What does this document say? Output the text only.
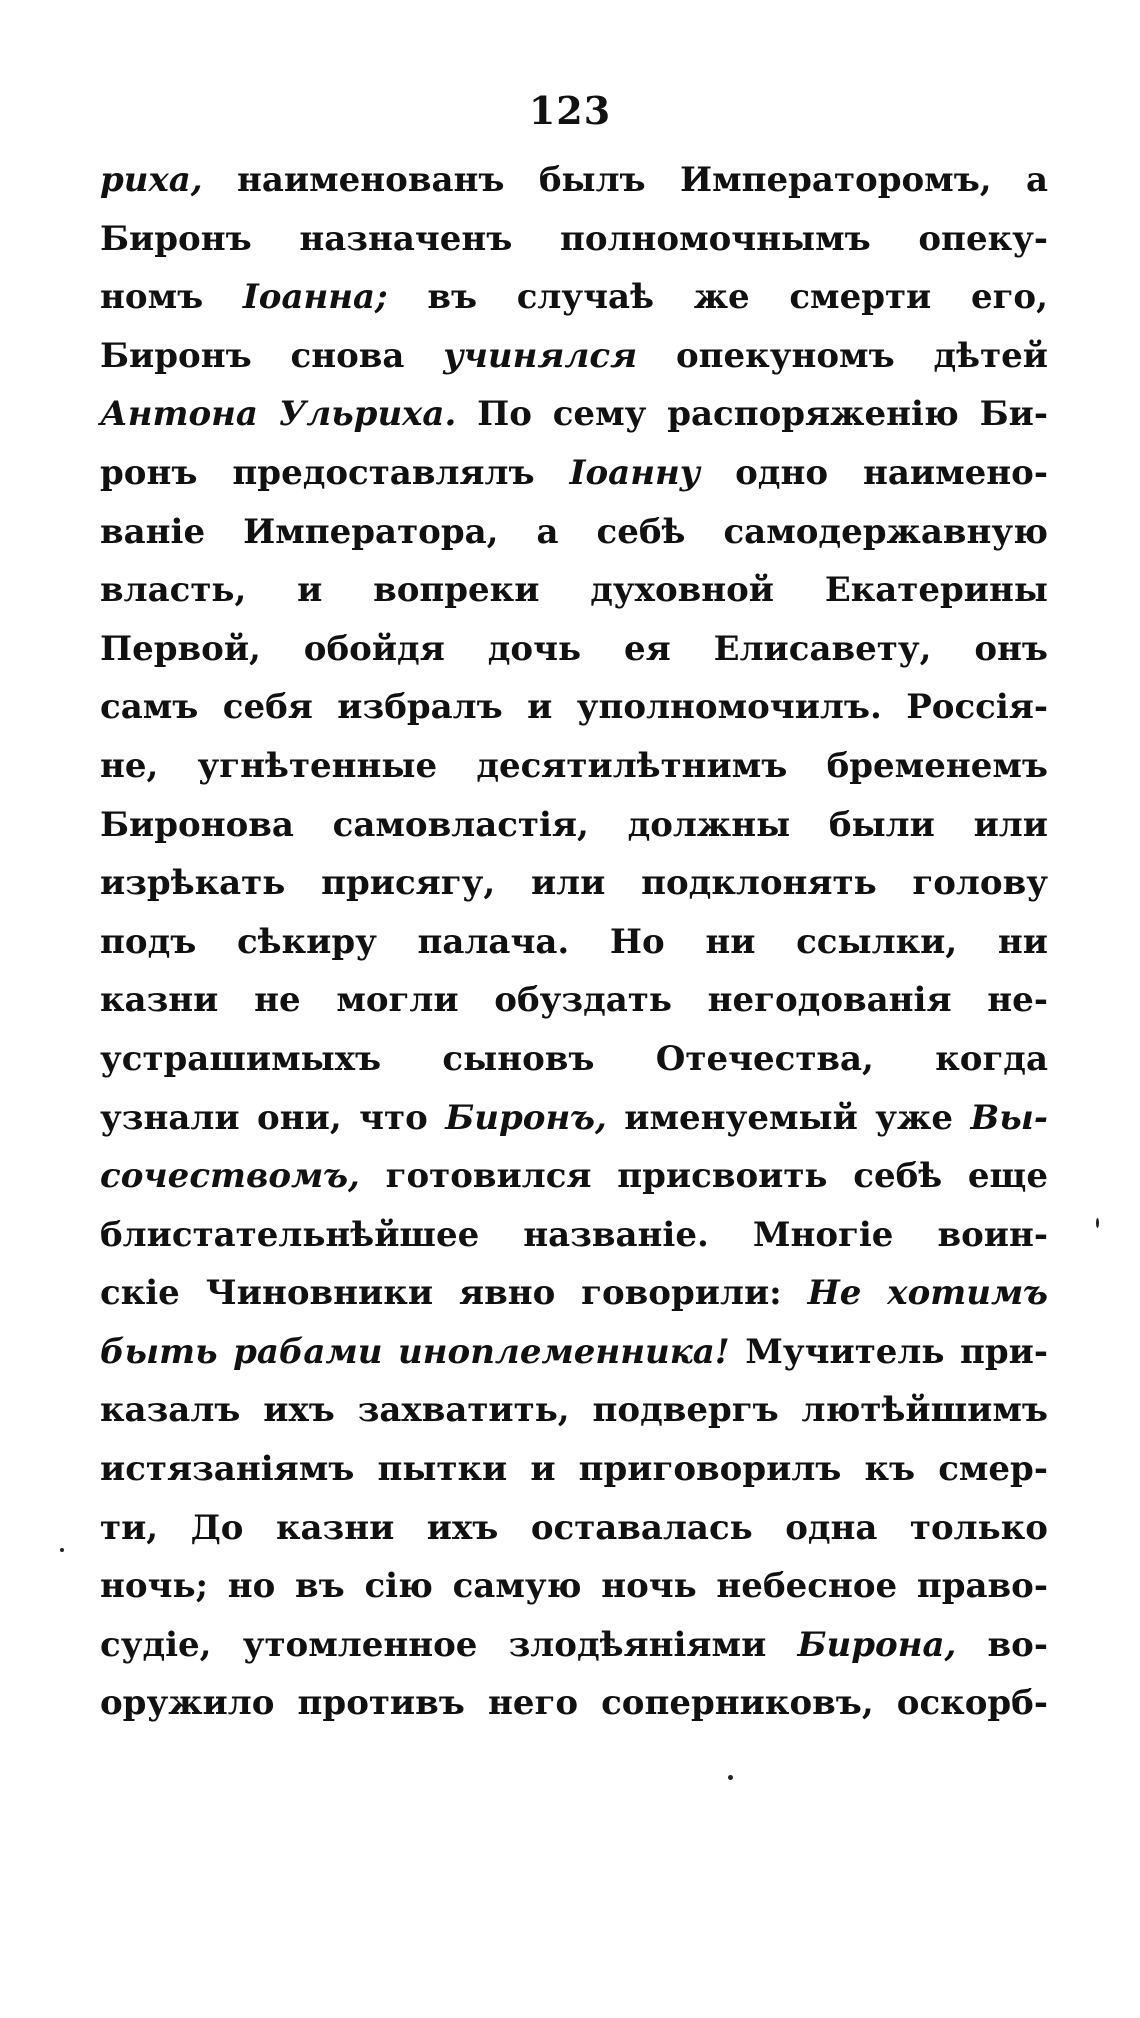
123
рихa, наименованъ былъ Императоромъ, а
Биронъ назначенъ полномочнымъ опеку-
номъ Іоанна; въ случаѣ же смерти его,
Биронъ снова учинялся опекуномъ дѣтей
Антона Ульриха. По сему распоряженію Би-
ронъ предоставлялъ Іоанну одно наимено-
ваніе Императора, а себѣ самодержавную
власть, и вопреки духовной Екатерины
Первой, обойдя дочь ея Елисавету, онъ
самъ себя избралъ и уполномочилъ. Россія-
не, угнѣтенные десятилѣтнимъ бременемъ
Биронова самовластія, должны были или
изрѣкать присягу, или подклонять голову
подъ сѣкиру палача. Но ни ссылки, ни
казни не могли обуздать негодованія не-
устрашимыхъ сыновъ Отечества, когда
узнали они, что Биронъ, именуемый уже Вы-
сочествомъ, готовился присвоить себѣ еще
блистательнѣйшее названіе. Многіе воин-
скіе Чиновники явно говорили: Не хотимъ
быть рабами иноплеменника! Мучитель при-
казалъ ихъ захватить, подвергъ лютѣйшимъ
истязаніямъ пытки и приговорилъ къ смер-
ти, До казни ихъ оставалась одна только
ночь; но въ сію самую ночь небесное право-
судіе, утомленное злодѣяніями Бирона, во-
оружило противъ него соперниковъ, оскорб-
